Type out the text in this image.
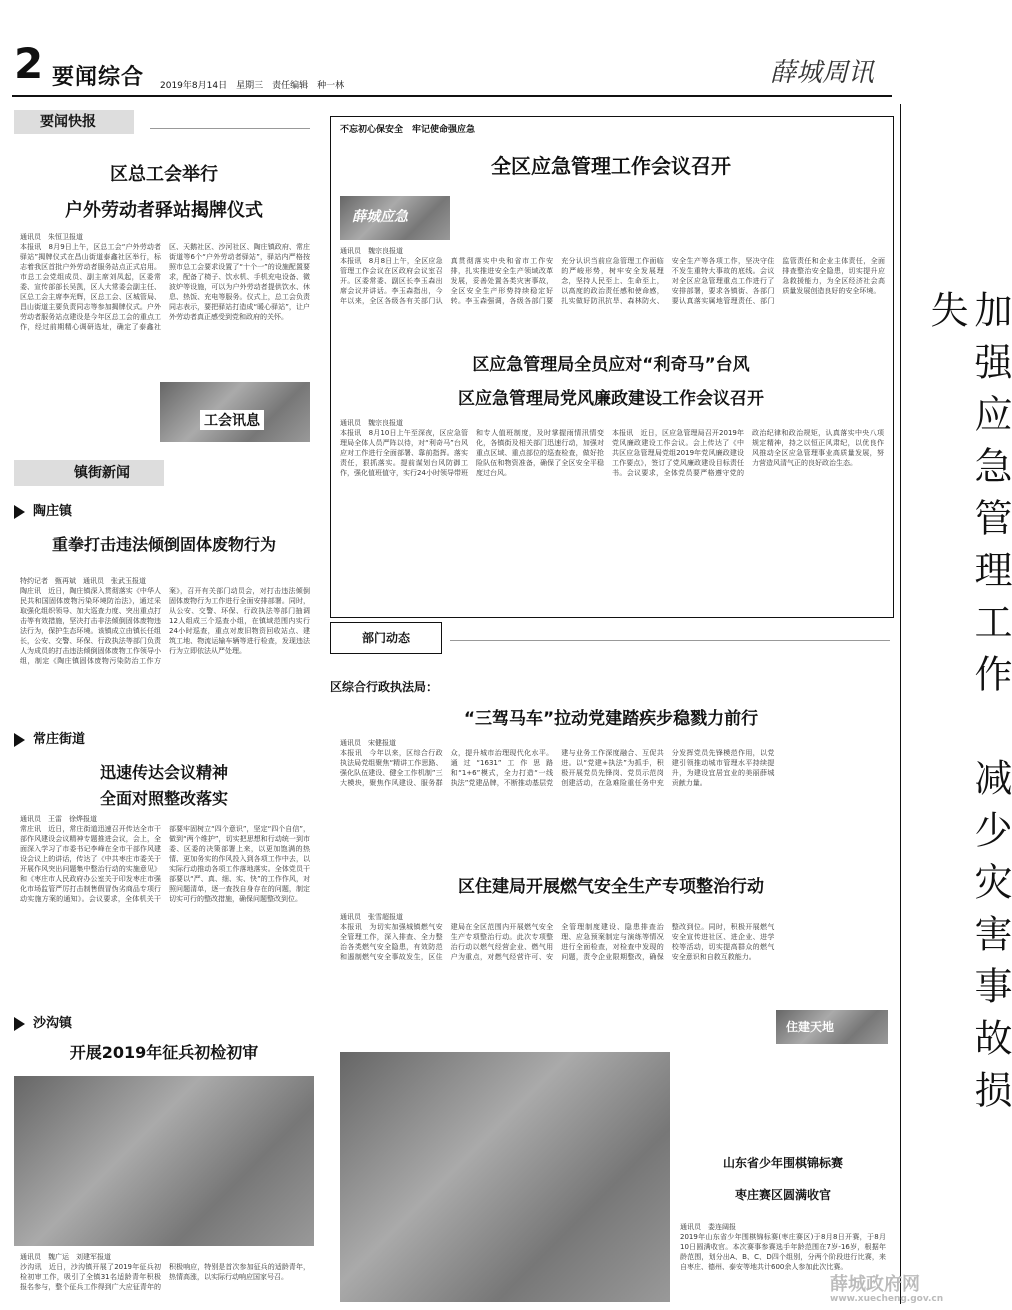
2 要闻综合 2019年8月14日　星期三　责任编辑　种一林	薛城周讯
要闻快报
区总工会举行
户外劳动者驿站揭牌仪式
通讯员　朱恒卫报道
本报讯　8月9日上午，区总工会“户外劳动者驿站”揭牌仪式在昌山街道泰鑫社区举行，标志着我区首批户外劳动者服务站点正式启用。市总工会党组成员、副主席刘凤起，区委常委、宣传部部长吴凯，区人大常委会副主任、区总工会主席李光辉，区总工会、区城管局、昌山街道主要负责同志等参加揭牌仪式。户外劳动者服务站点建设是今年区总工会的重点工作，经过前期精心调研选址，确定了泰鑫社区、天鹅社区、沙河社区、陶庄镇政府、常庄街道等6个“户外劳动者驿站”，驿站内严格按照市总工会要求设置了“十个一”的设施配置要求，配备了椅子、饮水机、手机充电设备、微波炉等设施，可以为户外劳动者提供饮水、休息、热饭、充电等服务。仪式上，总工会负责同志表示，要把驿站打造成“暖心驿站”，让户外劳动者真正感受到党和政府的关怀。
工会讯息
镇街新闻
陶庄镇
重拳打击违法倾倒固体废物行为
特约记者　甄再斌　通讯员　张武玉报道
陶庄讯　近日，陶庄镇深入贯彻落实《中华人民共和国固体废物污染环境防治法》，通过采取强化组织领导、加大巡查力度、突出重点打击等有效措施，坚决打击非法倾倒固体废物违法行为，保护生态环境。该镇成立由镇长任组长，公安、交警、环保、行政执法等部门负责人为成员的打击违法倾倒固体废物工作领导小组，制定《陶庄镇固体废物污染防治工作方案》，召开有关部门动员会，对打击违法倾倒固体废物行为工作进行全面安排部署。同时，从公安、交警、环保、行政执法等部门抽调12人组成三个巡查小组，在镇域范围内实行24小时巡查，重点对废旧物资回收站点、建筑工地、物流运输车辆等进行检查，发现违法行为立即依法从严处理。
常庄街道
迅速传达会议精神
全面对照整改落实
通讯员　王雷　徐烨报道
常庄讯　近日，常庄街道迅速召开传达全市干部作风建设会议精神专题推进会议，会上，全面深入学习了市委书记李峰在全市干部作风建设会议上的讲话，传达了《中共枣庄市委关于开展作风突出问题集中整治行动的实施意见》和《枣庄市人民政府办公室关于印发枣庄市强化市场监管严厉打击制售假冒伪劣商品专项行动实施方案的通知》。会议要求，全体机关干部要牢固树立“四个意识”，坚定“四个自信”，做到“两个维护”，切实把思想和行动统一到市委、区委的决策部署上来，以更加饱满的热情、更加务实的作风投入到各项工作中去，以实际行动推动各项工作落地落实。全体党员干部要以“严、真、细、实、快”的工作作风，对照问题清单，逐一查找自身存在的问题，制定切实可行的整改措施，确保问题整改到位。
沙沟镇
开展2019年征兵初检初审
通讯员　魏广运　刘建军报道
沙沟讯　近日，沙沟镇开展了2019年征兵初检初审工作，吸引了全镇31名适龄青年积极报名参与，整个征兵工作得到广大应征青年的积极响应，特别是首次参加征兵的适龄青年，热情高涨，以实际行动响应国家号召。
不忘初心保安全　牢记使命强应急
全区应急管理工作会议召开
薛城应急
通讯员　魏宗良报道
本报讯　8月8日上午，全区应急管理工作会议在区政府会议室召开。区委常委、副区长李玉森出席会议并讲话。李玉森指出，今年以来，全区各级各有关部门认真贯彻落实中央和省市工作安排，扎实推进安全生产领域改革发展，妥善处置各类灾害事故，全区安全生产形势持续稳定好转。李玉森强调，各级各部门要充分认识当前应急管理工作面临的严峻形势，树牢安全发展理念，坚持人民至上、生命至上，以高度的政治责任感和使命感，扎实做好防汛抗旱、森林防火、安全生产等各项工作，坚决守住不发生重特大事故的底线。会议对全区应急管理重点工作进行了安排部署，要求各镇街、各部门要认真落实属地管理责任、部门监管责任和企业主体责任，全面排查整治安全隐患，切实提升应急救援能力，为全区经济社会高质量发展创造良好的安全环境。
区应急管理局全员应对“利奇马”台风
区应急管理局党风廉政建设工作会议召开
通讯员　魏宗良报道
本报讯　8月10日上午至深夜，区应急管理局全体人员严阵以待，对“利奇马”台风应对工作进行全面部署、靠前指挥。落实责任，狠抓落实。提前谋划台风防御工作，强化值班值守，实行24小时领导带班和专人值班制度，及时掌握雨情汛情变化，各镇街及相关部门迅速行动，加强对重点区域、重点部位的巡查检查，做好抢险队伍和物资准备，确保了全区安全平稳度过台风。
本报讯　近日，区应急管理局召开2019年党风廉政建设工作会议。会上传达了《中共区应急管理局党组2019年党风廉政建设工作要点》，签订了党风廉政建设目标责任书。会议要求，全体党员要严格遵守党的政治纪律和政治规矩，认真落实中央八项规定精神，持之以恒正风肃纪，以优良作风推动全区应急管理事业高质量发展，努力营造风清气正的良好政治生态。
部门动态
区综合行政执法局：
“三驾马车”拉动党建踏疾步稳戮力前行
通讯员　宋健报道
本报讯　今年以来，区综合行政执法局党组聚焦“精讲工作思路、强化队伍建设、健全工作机制”三大模块，聚焦作风建设、服务群众，提升城市治理现代化水平。通过“1631”工作思路和“1+6”模式，全力打造“一线执法”党建品牌，不断推动基层党建与业务工作深度融合、互促共进。以“党建+执法”为抓手，积极开展党员先锋岗、党员示范岗创建活动，在急难险重任务中充分发挥党员先锋模范作用，以党建引领推动城市管理水平持续提升，为建设宜居宜业的美丽薛城贡献力量。
区住建局开展燃气安全生产专项整治行动
通讯员　张雪超报道
本报讯　为切实加强城镇燃气安全管理工作，深入排查、全力整治各类燃气安全隐患，有效防范和遏制燃气安全事故发生，区住建局在全区范围内开展燃气安全生产专项整治行动。此次专项整治行动以燃气经营企业、燃气用户为重点，对燃气经营许可、安全管理制度建设、隐患排查治理、应急预案制定与演练等情况进行全面检查，对检查中发现的问题，责令企业限期整改，确保整改到位。同时，积极开展燃气安全宣传进社区、进企业、进学校等活动，切实提高群众的燃气安全意识和自救互救能力。
住建天地
山东省少年围棋锦标赛
枣庄赛区圆满收官
通讯员　娄连阔报
2019年山东省少年围棋锦标赛(枣庄赛区)于8月8日开赛，于8月10日圆满收官。本次赛事参赛选手年龄范围在7岁-16岁，根据年龄范围，划分出A、B、C、D四个组别，分两个阶段进行比赛，来自枣庄、德州、泰安等地共计600余人参加此次比赛。
加强应急管理工作　减少灾害事故损失
薛城政府网
www.xuecheng.gov.cn
